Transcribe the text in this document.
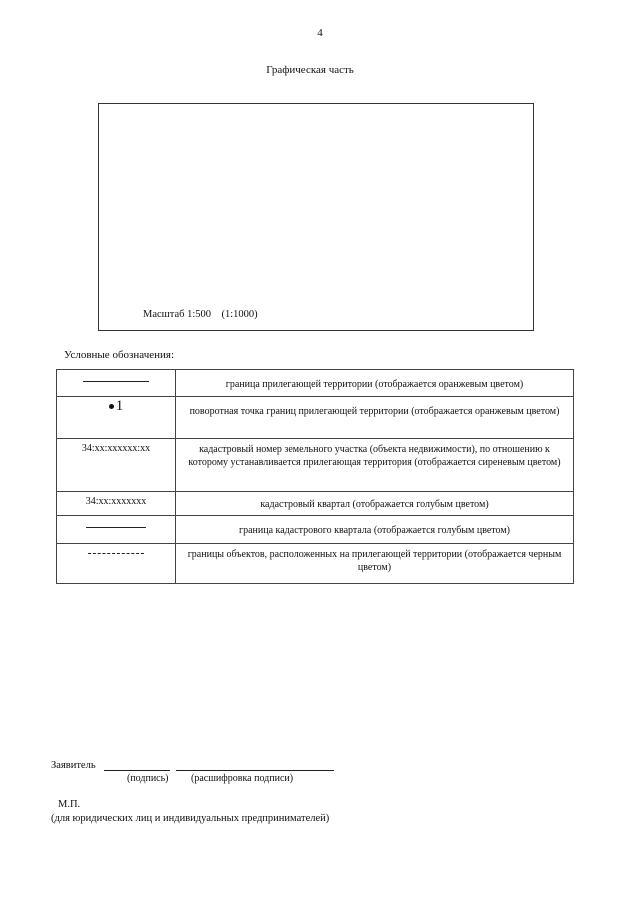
4
Графическая часть
Масштаб 1:500    (1:1000)
Условные обозначения:
	граница прилегающей территории (отображается оранжевым цветом)
1	поворотная точка границ прилегающей территории (отображается оранжевым цветом)
34:хх:хххххх:хх	кадастровый номер земельного участка (объекта недвижимости), по отношению к которому устанавливается прилегающая территория (отображается сиреневым цветом)
34:хх:ххххххх	кадастровый квартал (отображается голубым цветом)
	граница кадастрового квартала (отображается голубым цветом)
	границы объектов, расположенных на прилегающей территории (отображается черным цветом)
Заявитель
(подпись) (расшифровка подписи)
М.П.
(для юридических лиц и индивидуальных предпринимателей)
